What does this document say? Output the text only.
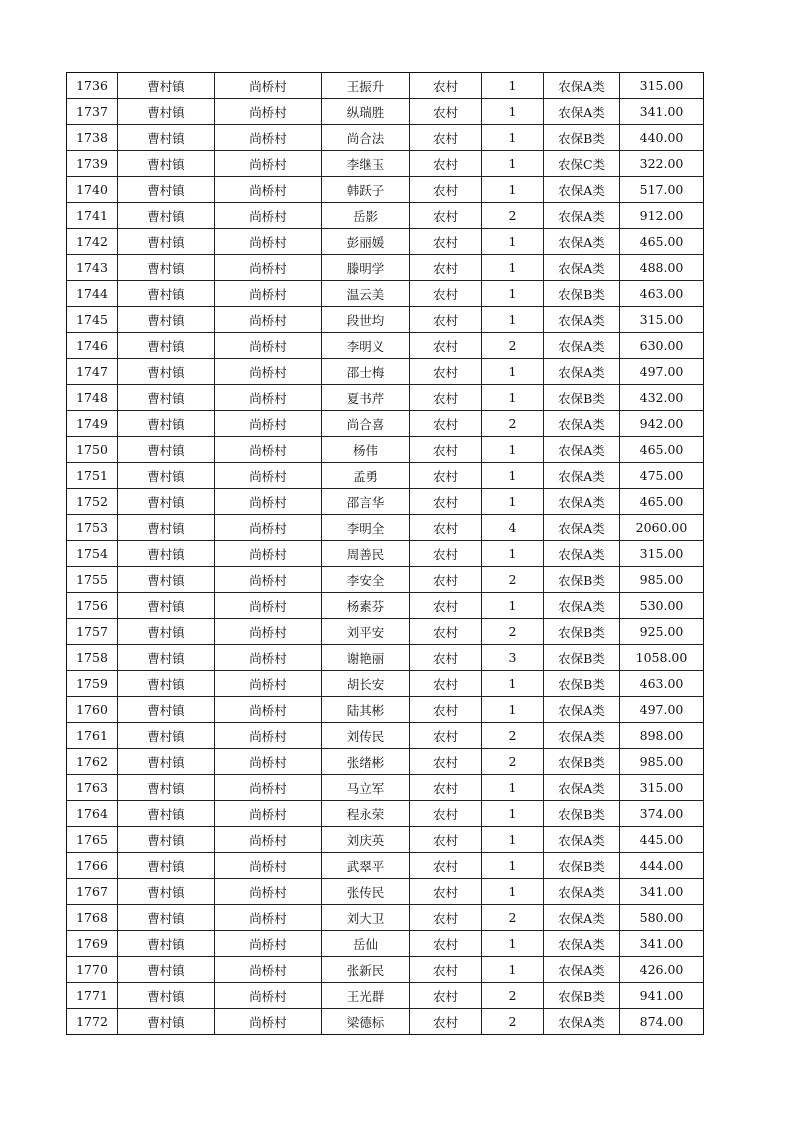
1736	曹村镇	尚桥村	王振升	农村	1	农保A类	315.00
1737	曹村镇	尚桥村	纵瑞胜	农村	1	农保A类	341.00
1738	曹村镇	尚桥村	尚合法	农村	1	农保B类	440.00
1739	曹村镇	尚桥村	李继玉	农村	1	农保C类	322.00
1740	曹村镇	尚桥村	韩跃子	农村	1	农保A类	517.00
1741	曹村镇	尚桥村	岳影	农村	2	农保A类	912.00
1742	曹村镇	尚桥村	彭丽媛	农村	1	农保A类	465.00
1743	曹村镇	尚桥村	滕明学	农村	1	农保A类	488.00
1744	曹村镇	尚桥村	温云美	农村	1	农保B类	463.00
1745	曹村镇	尚桥村	段世均	农村	1	农保A类	315.00
1746	曹村镇	尚桥村	李明义	农村	2	农保A类	630.00
1747	曹村镇	尚桥村	邵士梅	农村	1	农保A类	497.00
1748	曹村镇	尚桥村	夏书芹	农村	1	农保B类	432.00
1749	曹村镇	尚桥村	尚合喜	农村	2	农保A类	942.00
1750	曹村镇	尚桥村	杨伟	农村	1	农保A类	465.00
1751	曹村镇	尚桥村	孟勇	农村	1	农保A类	475.00
1752	曹村镇	尚桥村	邵言华	农村	1	农保A类	465.00
1753	曹村镇	尚桥村	李明全	农村	4	农保A类	2060.00
1754	曹村镇	尚桥村	周善民	农村	1	农保A类	315.00
1755	曹村镇	尚桥村	李安全	农村	2	农保B类	985.00
1756	曹村镇	尚桥村	杨素芬	农村	1	农保A类	530.00
1757	曹村镇	尚桥村	刘平安	农村	2	农保B类	925.00
1758	曹村镇	尚桥村	谢艳丽	农村	3	农保B类	1058.00
1759	曹村镇	尚桥村	胡长安	农村	1	农保B类	463.00
1760	曹村镇	尚桥村	陆其彬	农村	1	农保A类	497.00
1761	曹村镇	尚桥村	刘传民	农村	2	农保A类	898.00
1762	曹村镇	尚桥村	张绪彬	农村	2	农保B类	985.00
1763	曹村镇	尚桥村	马立军	农村	1	农保A类	315.00
1764	曹村镇	尚桥村	程永荣	农村	1	农保B类	374.00
1765	曹村镇	尚桥村	刘庆英	农村	1	农保A类	445.00
1766	曹村镇	尚桥村	武翠平	农村	1	农保B类	444.00
1767	曹村镇	尚桥村	张传民	农村	1	农保A类	341.00
1768	曹村镇	尚桥村	刘大卫	农村	2	农保A类	580.00
1769	曹村镇	尚桥村	岳仙	农村	1	农保A类	341.00
1770	曹村镇	尚桥村	张新民	农村	1	农保A类	426.00
1771	曹村镇	尚桥村	王光群	农村	2	农保B类	941.00
1772	曹村镇	尚桥村	梁德标	农村	2	农保A类	874.00
